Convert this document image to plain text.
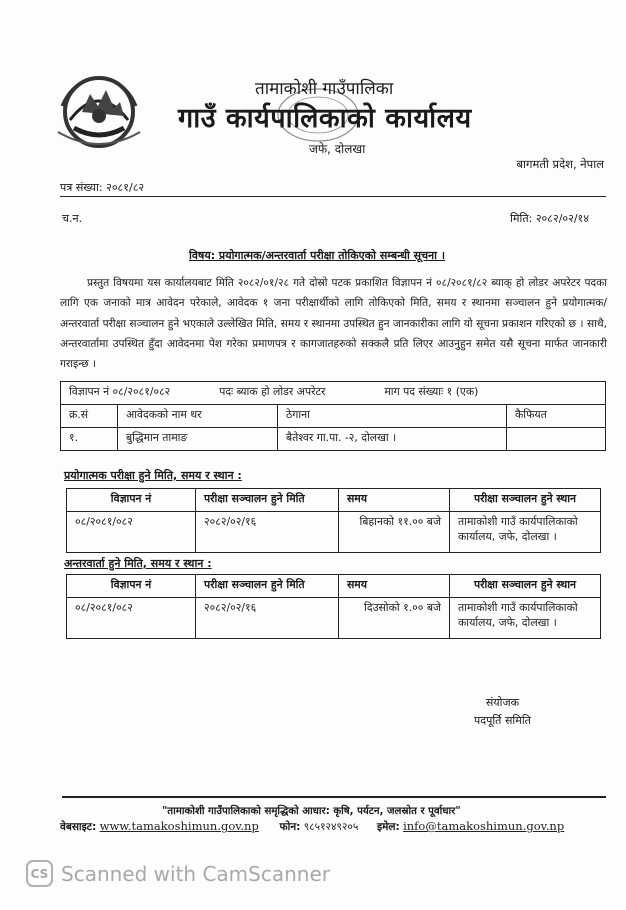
तामाकोशी गाउँपालिका
गाउँ कार्यपालिकाको कार्यालय
जफे, दोलखा
बागमती प्रदेश, नेपाल
पत्र संख्या: २०८१/८२
च.न.	मिति: २०८२/०२/१४
विषय: प्रयोगात्मक/अन्तरवार्ता परीक्षा तोकिएको सम्बन्धी सूचना ।

प्रस्तुत विषयमा यस कार्यालयबाट मिति २०८२/०१/२८ गते दोस्रो पटक प्रकाशित विज्ञापन नं ०८/२०८१/८२ ब्याक् हो लोडर अपरेटर पदका लागि एक जनाको मात्र आवेदन परेकाले, आवेदक १ जना परीक्षार्थीको लागि तोकिएको मिति, समय र स्थानमा सञ्चालन हुने प्रयोगात्मक/ अन्तरवार्ता परीक्षा सञ्चालन हुने भएकाले उल्लेखित मिति, समय र स्थानमा उपस्थित हुन जानकारीका लागि यो सूचना प्रकाशन गरिएको छ । साथै, अन्तरवार्तामा उपस्थित हुँदा आवेदनमा पेश गरेका प्रमाणपत्र र कागजातहरुको सक्कलै प्रति लिएर आउनुहुन समेत यसै सूचना मार्फत जानकारी गराइन्छ ।

विज्ञापन नं ०८/२०८१/०८२ पदः ब्याक हो लोडर अपरेटर माग पद संख्याः १ (एक)			
क्र.सं	आवेदकको नाम थर	ठेगाना	कैफियत
१.	बुद्धिमान तामाङ	बैतेश्वर गा.पा. -२, दोलखा ।	
प्रयोगात्मक परीक्षा हुने मिति, समय र स्थान :
विज्ञापन नं	परीक्षा सञ्चालन हुने मिति	समय	परीक्षा सञ्चालन हुने स्थान
०८/२०८१/०८२	२०८२/०२/१६	बिहानको ११.०० बजे	तामाकोशी गाउँ कार्यपालिकाको कार्यालय, जफे, दोलखा ।
अन्तरवार्ता हुने मिति, समय र स्थान :
विज्ञापन नं	परीक्षा सञ्चालन हुने मिति	समय	परीक्षा सञ्चालन हुने स्थान
०८/२०८१/०८२	२०८२/०२/१६	दिउसोको १.०० बजे	तामाकोशी गाउँ कार्यपालिकाको कार्यालय, जफे, दोलखा ।
संयोजक
पदपूर्ति समिति
"तामाकोशी गाउँपालिकाको समृद्धिको आधार: कृषि, पर्यटन, जलस्रोत र पूर्वाधार"
वेबसाइट: www.tamakoshimun.gov.np फोन: ९८५१२४९२०५ इमेल: info@tamakoshimun.gov.np
CS Scanned with CamScanner
